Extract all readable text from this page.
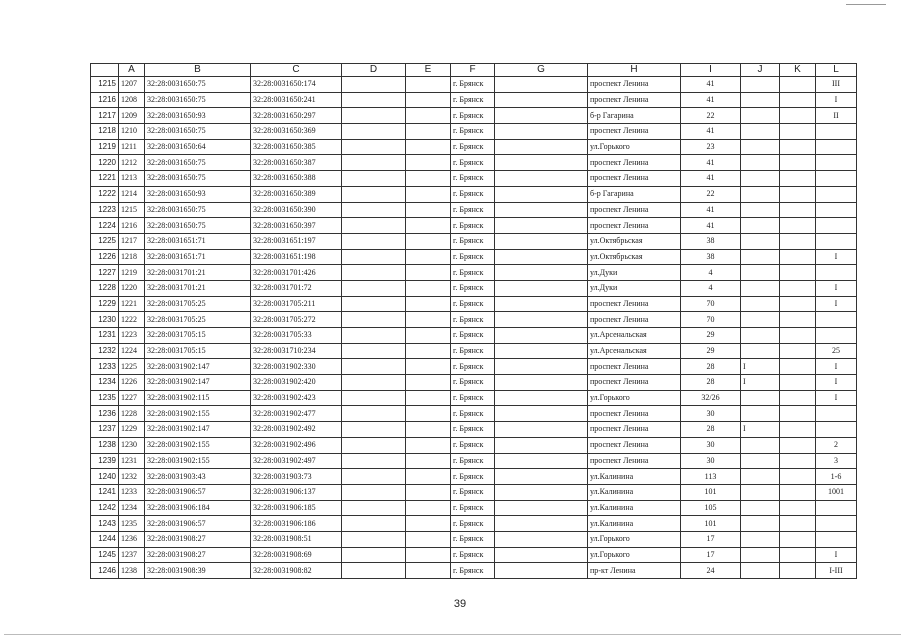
	A	B	C	D	E	F	G	H	I	J	K	L
1215	1207	32:28:0031650:75	32:28:0031650:174			г. Брянск		проспект Ленина	41			III
1216	1208	32:28:0031650:75	32:28:0031650:241			г. Брянск		проспект Ленина	41			I
1217	1209	32:28:0031650:93	32:28:0031650:297			г. Брянск		б-р Гагарина	22			II
1218	1210	32:28:0031650:75	32:28:0031650:369			г. Брянск		проспект Ленина	41			
1219	1211	32:28:0031650:64	32:28:0031650:385			г. Брянск		ул.Горького	23			
1220	1212	32:28:0031650:75	32:28:0031650:387			г. Брянск		проспект Ленина	41			
1221	1213	32:28:0031650:75	32:28:0031650:388			г. Брянск		проспект Ленина	41			
1222	1214	32:28:0031650:93	32:28:0031650:389			г. Брянск		б-р Гагарина	22			
1223	1215	32:28:0031650:75	32:28:0031650:390			г. Брянск		проспект Ленина	41			
1224	1216	32:28:0031650:75	32:28:0031650:397			г. Брянск		проспект Ленина	41			
1225	1217	32:28:0031651:71	32:28:0031651:197			г. Брянск		ул.Октябрьская	38			
1226	1218	32:28:0031651:71	32:28:0031651:198			г. Брянск		ул.Октябрьская	38			I
1227	1219	32:28:0031701:21	32:28:0031701:426			г. Брянск		ул.Дуки	4			
1228	1220	32:28:0031701:21	32:28:0031701:72			г. Брянск		ул.Дуки	4			I
1229	1221	32:28:0031705:25	32:28:0031705:211			г. Брянск		проспект Ленина	70			I
1230	1222	32:28:0031705:25	32:28:0031705:272			г. Брянск		проспект Ленина	70			
1231	1223	32:28:0031705:15	32:28:0031705:33			г. Брянск		ул.Арсенальская	29			
1232	1224	32:28:0031705:15	32:28:0031710:234			г. Брянск		ул.Арсенальская	29			25
1233	1225	32:28:0031902:147	32:28:0031902:330			г. Брянск		проспект Ленина	28	I		I
1234	1226	32:28:0031902:147	32:28:0031902:420			г. Брянск		проспект Ленина	28	I		I
1235	1227	32:28:0031902:115	32:28:0031902:423			г. Брянск		ул.Горького	32/26			I
1236	1228	32:28:0031902:155	32:28:0031902:477			г. Брянск		проспект Ленина	30			
1237	1229	32:28:0031902:147	32:28:0031902:492			г. Брянск		проспект Ленина	28	I		
1238	1230	32:28:0031902:155	32:28:0031902:496			г. Брянск		проспект Ленина	30			2
1239	1231	32:28:0031902:155	32:28:0031902:497			г. Брянск		проспект Ленина	30			3
1240	1232	32:28:0031903:43	32:28:0031903:73			г. Брянск		ул.Калинина	113			1-6
1241	1233	32:28:0031906:57	32:28:0031906:137			г. Брянск		ул.Калинина	101			1001
1242	1234	32:28:0031906:184	32:28:0031906:185			г. Брянск		ул.Калинина	105			
1243	1235	32:28:0031906:57	32:28:0031906:186			г. Брянск		ул.Калинина	101			
1244	1236	32:28:0031908:27	32:28:0031908:51			г. Брянск		ул.Горького	17			
1245	1237	32:28:0031908:27	32:28:0031908:69			г. Брянск		ул.Горького	17			I
1246	1238	32:28:0031908:39	32:28:0031908:82			г. Брянск		пр-кт Ленина	24			I-III
39
